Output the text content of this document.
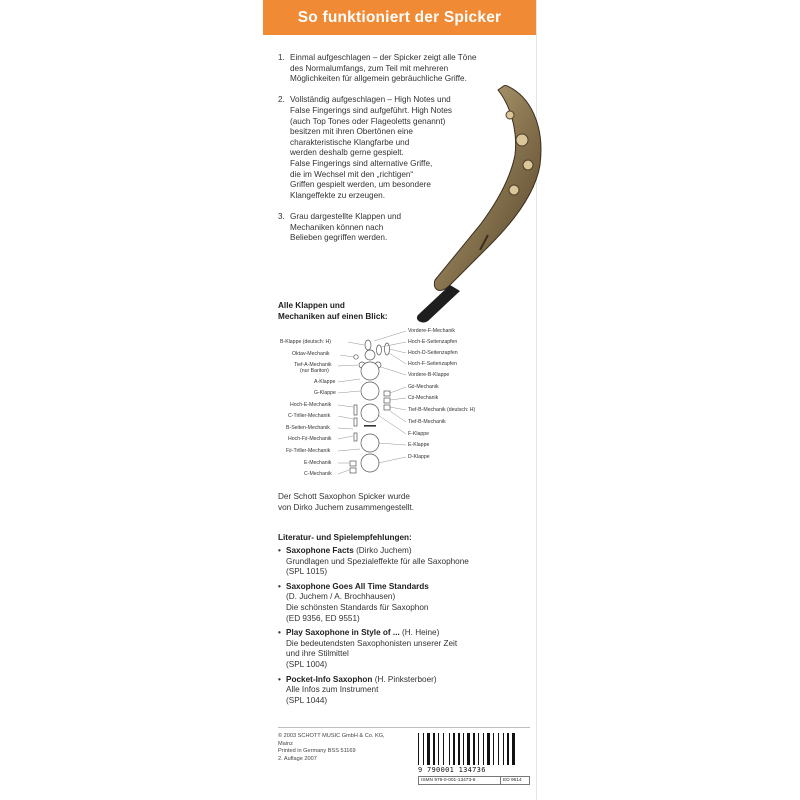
So funktioniert der Spicker
1. Einmal aufgeschlagen – der Spicker zeigt alle Töne
des Normalumfangs, zum Teil mit mehreren
Möglichkeiten für allgemein gebräuchliche Griffe.
2. Vollständig aufgeschlagen – High Notes und
False Fingerings sind aufgeführt. High Notes
(auch Top Tones oder Flageoletts genannt)
besitzen mit ihren Obertönen eine
charakteristische Klangfarbe und
werden deshalb gerne gespielt.
False Fingerings sind alternative Griffe,
die im Wechsel mit den „richtigen“
Griffen gespielt werden, um besondere
Klangeffekte zu erzeugen.
3. Grau dargestellte Klappen und
Mechaniken können nach
Belieben gegriffen werden.
Alle Klappen und
Mechaniken auf einen Blick:
B-Klappe (deutsch: H)
Oktav-Mechanik
Tief-A-Mechanik
(nur Bariton)
A-Klappe
G-Klappe
Hoch-E-Mechanik
C-Triller-Mechanik
B-Seiten-Mechanik
Hoch-F♯-Mechanik
F♯-Triller-Mechanik
E-Mechanik
C-Mechanik
Vordere-F-Mechanik
Hoch-E-Seitenzapfen
Hoch-D-Seitenzapfen
Hoch-F-Seitenzapfen
Vordere-B-Klappe
G♯-Mechanik
C♯-Mechanik
Tief-B-Mechanik (deutsch: H)
Tief-B-Mechanik
F-Klappe
E-Klappe
D-Klappe
Der Schott Saxophon Spicker wurde
von Dirko Juchem zusammengestellt.
Literatur- und Spielempfehlungen:
• Saxophone Facts (Dirko Juchem)
Grundlagen und Spezialeffekte für alle Saxophone
(SPL 1015)
• Saxophone Goes All Time Standards
(D. Juchem / A. Brochhausen)
Die schönsten Standards für Saxophon
(ED 9356, ED 9551)
• Play Saxophone in Style of ... (H. Heine)
Die bedeutendsten Saxophonisten unserer Zeit
und ihre Stilmittel
(SPL 1004)
• Pocket-Info Saxophon (H. Pinksterboer)
Alle Infos zum Instrument
(SPL 1044)
© 2003 SCHOTT MUSIC GmbH & Co. KG,
Mainz
Printed in Germany BSS 51169
2. Auflage 2007
9 790001 134736
ISMN 979-0-001-13473-6	ED 9614
